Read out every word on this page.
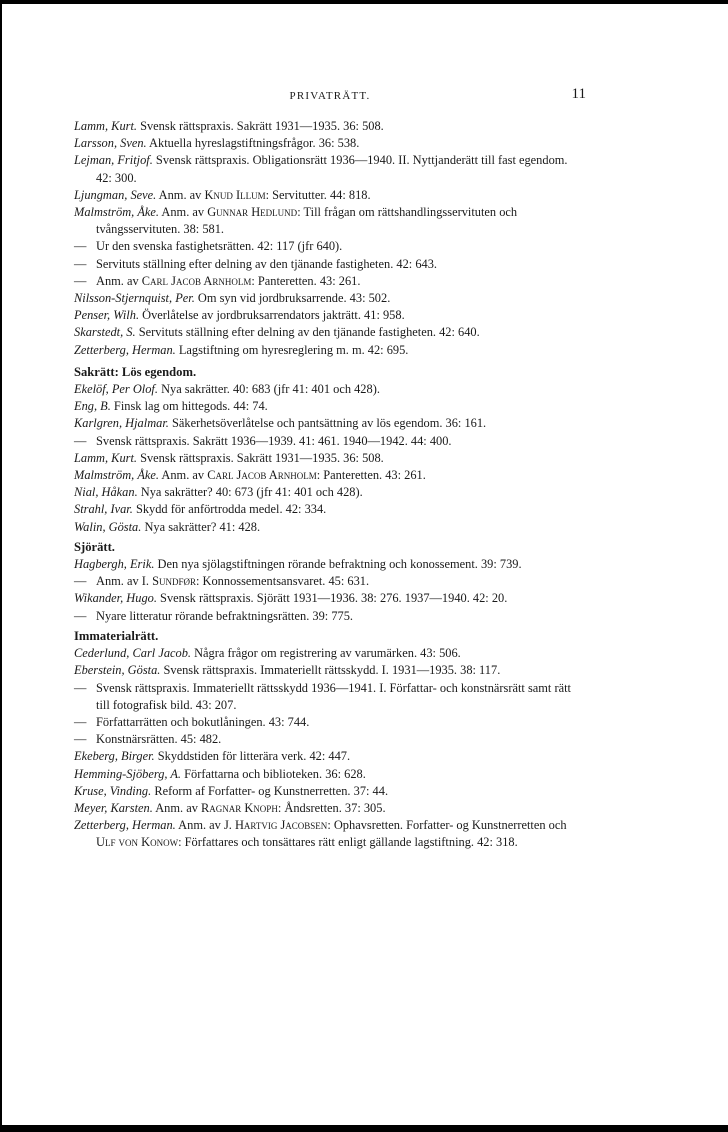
PRIVATRÄTT.	11
Lamm, Kurt. Svensk rättspraxis. Sakrätt 1931—1935. 36: 508.
Larsson, Sven. Aktuella hyreslagstiftningsfrågor. 36: 538.
Lejman, Fritjof. Svensk rättspraxis. Obligationsrätt 1936—1940. II. Nyttjanderätt till fast egendom. 42: 300.
Ljungman, Seve. Anm. av Knud Illum: Servitutter. 44: 818.
Malmström, Åke. Anm. av Gunnar Hedlund: Till frågan om rättshandlingsservituten och tvångsservituten. 38: 581.
— Ur den svenska fastighetsrätten. 42: 117 (jfr 640).
— Servituts ställning efter delning av den tjänande fastigheten. 42: 643.
— Anm. av Carl Jacob Arnholm: Panteretten. 43: 261.
Nilsson-Stjernquist, Per. Om syn vid jordbruksarrende. 43: 502.
Penser, Wilh. Överlåtelse av jordbruksarrendators jakträtt. 41: 958.
Skarstedt, S. Servituts ställning efter delning av den tjänande fastigheten. 42: 640.
Zetterberg, Herman. Lagstiftning om hyresreglering m. m. 42: 695.
Sakrätt: Lös egendom.
Ekelöf, Per Olof. Nya sakrätter. 40: 683 (jfr 41: 401 och 428).
Eng, B. Finsk lag om hittegods. 44: 74.
Karlgren, Hjalmar. Säkerhetsöverlåtelse och pantsättning av lös egendom. 36: 161.
— Svensk rättspraxis. Sakrätt 1936—1939. 41: 461. 1940—1942. 44: 400.
Lamm, Kurt. Svensk rättspraxis. Sakrätt 1931—1935. 36: 508.
Malmström, Åke. Anm. av Carl Jacob Arnholm: Panteretten. 43: 261.
Nial, Håkan. Nya sakrätter? 40: 673 (jfr 41: 401 och 428).
Strahl, Ivar. Skydd för anförtrodda medel. 42: 334.
Walin, Gösta. Nya sakrätter? 41: 428.
Sjörätt.
Hagbergh, Erik. Den nya sjölagstiftningen rörande befraktning och konossement. 39: 739.
— Anm. av I. Sundfør: Konnossementsansvaret. 45: 631.
Wikander, Hugo. Svensk rättspraxis. Sjörätt 1931—1936. 38: 276. 1937—1940. 42: 20.
— Nyare litteratur rörande befraktningsrätten. 39: 775.
Immaterialrätt.
Cederlund, Carl Jacob. Några frågor om registrering av varumärken. 43: 506.
Eberstein, Gösta. Svensk rättspraxis. Immateriellt rättsskydd. I. 1931—1935. 38: 117.
— Svensk rättspraxis. Immateriellt rättsskydd 1936—1941. I. Författar- och konstnärsrätt samt rätt till fotografisk bild. 43: 207.
— Författarrätten och bokutlåningen. 43: 744.
— Konstnärsrätten. 45: 482.
Ekeberg, Birger. Skyddstiden för litterära verk. 42: 447.
Hemming-Sjöberg, A. Författarna och biblioteken. 36: 628.
Kruse, Vinding. Reform af Forfatter- og Kunstnerretten. 37: 44.
Meyer, Karsten. Anm. av Ragnar Knoph: Åndsretten. 37: 305.
Zetterberg, Herman. Anm. av J. Hartvig Jacobsen: Ophavsretten. Forfatter- og Kunstnerretten och Ulf von Konow: Författares och tonsättares rätt enligt gällande lagstiftning. 42: 318.
